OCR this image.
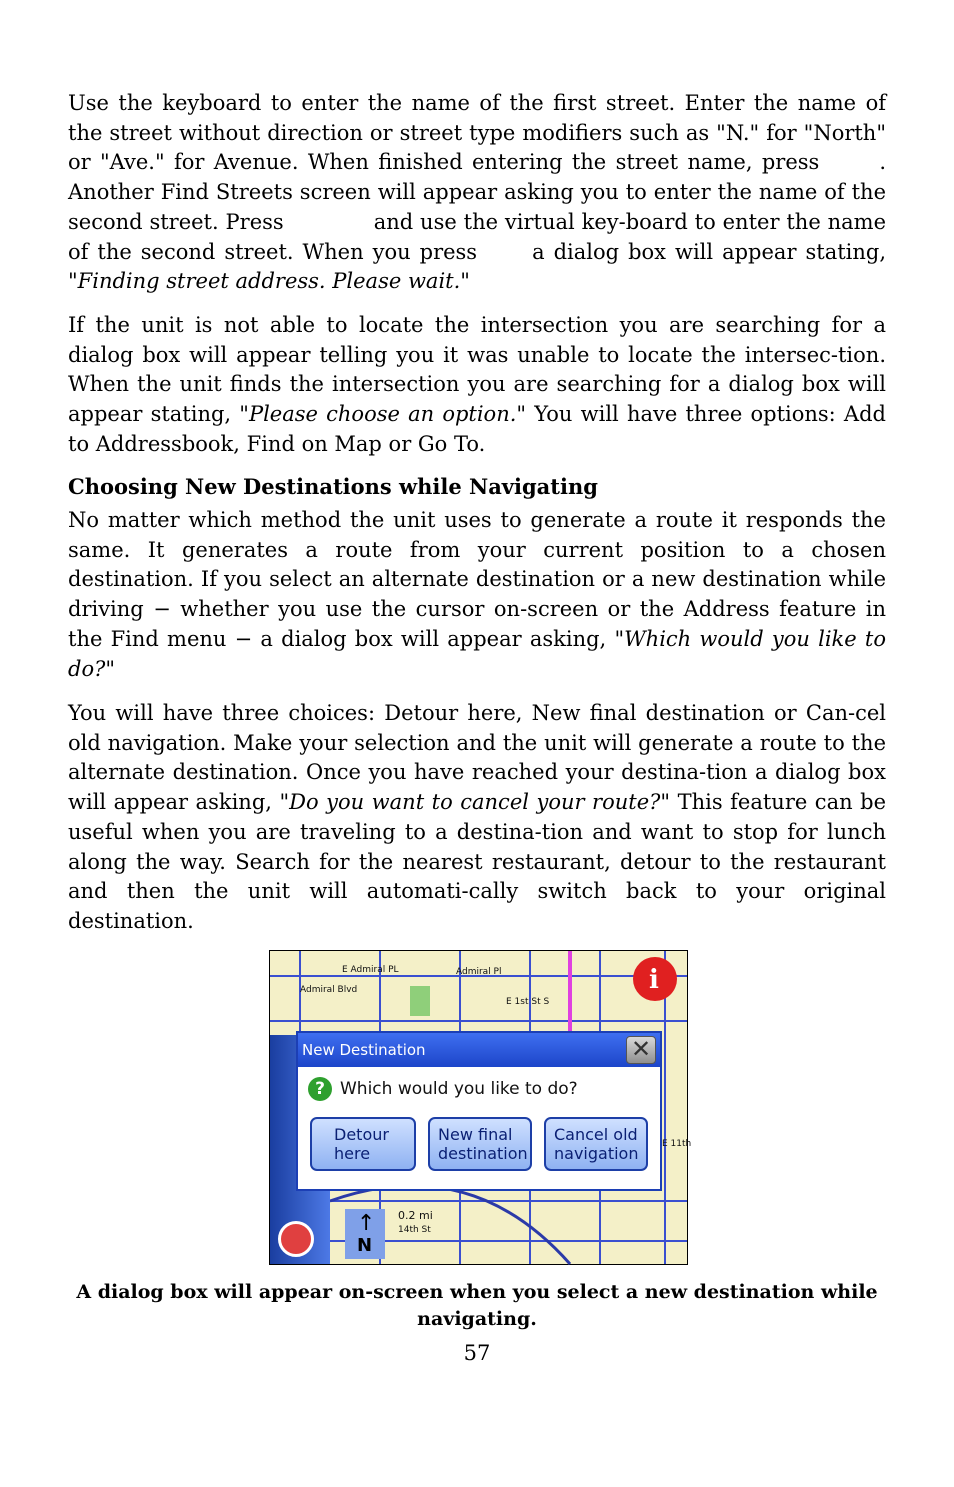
Use the keyboard to enter the name of the first street. Enter the name of the street without direction or street type modifiers such as "N." for "North" or "Ave." for Avenue. When finished entering the street name, press	. Another Find Streets screen will appear asking you to enter the name of the second street. Press	and use the virtual key-board to enter the name of the second street. When you press	a dialog box will appear stating, "Finding street address. Please wait."

If the unit is not able to locate the intersection you are searching for a dialog box will appear telling you it was unable to locate the intersec-tion. When the unit finds the intersection you are searching for a dialog box will appear stating, "Please choose an option." You will have three options: Add to Addressbook, Find on Map or Go To.

Choosing New Destinations while Navigating

No matter which method the unit uses to generate a route it responds the same. It generates a route from your current position to a chosen destination. If you select an alternate destination or a new destination while driving − whether you use the cursor on-screen or the Address feature in the Find menu − a dialog box will appear asking, "Which would you like to do?"

You will have three choices: Detour here, New final destination or Can-cel old navigation. Make your selection and the unit will generate a route to the alternate destination. Once you have reached your destina-tion a dialog box will appear asking, "Do you want to cancel your route?" This feature can be useful when you are traveling to a destina-tion and want to stop for lunch along the way. Search for the nearest restaurant, detour to the restaurant and then the unit will automati-cally switch back to your original destination.

i
E Admiral PL	Admiral Pl
Admiral Blvd
E 1st St S
E 11th
0.2 mi
14th St
↑
N
New Destination	✕
? Which would you like to do?
Detour here
New final destination
Cancel old navigation

A dialog box will appear on-screen when you select a new destination while navigating.

57
